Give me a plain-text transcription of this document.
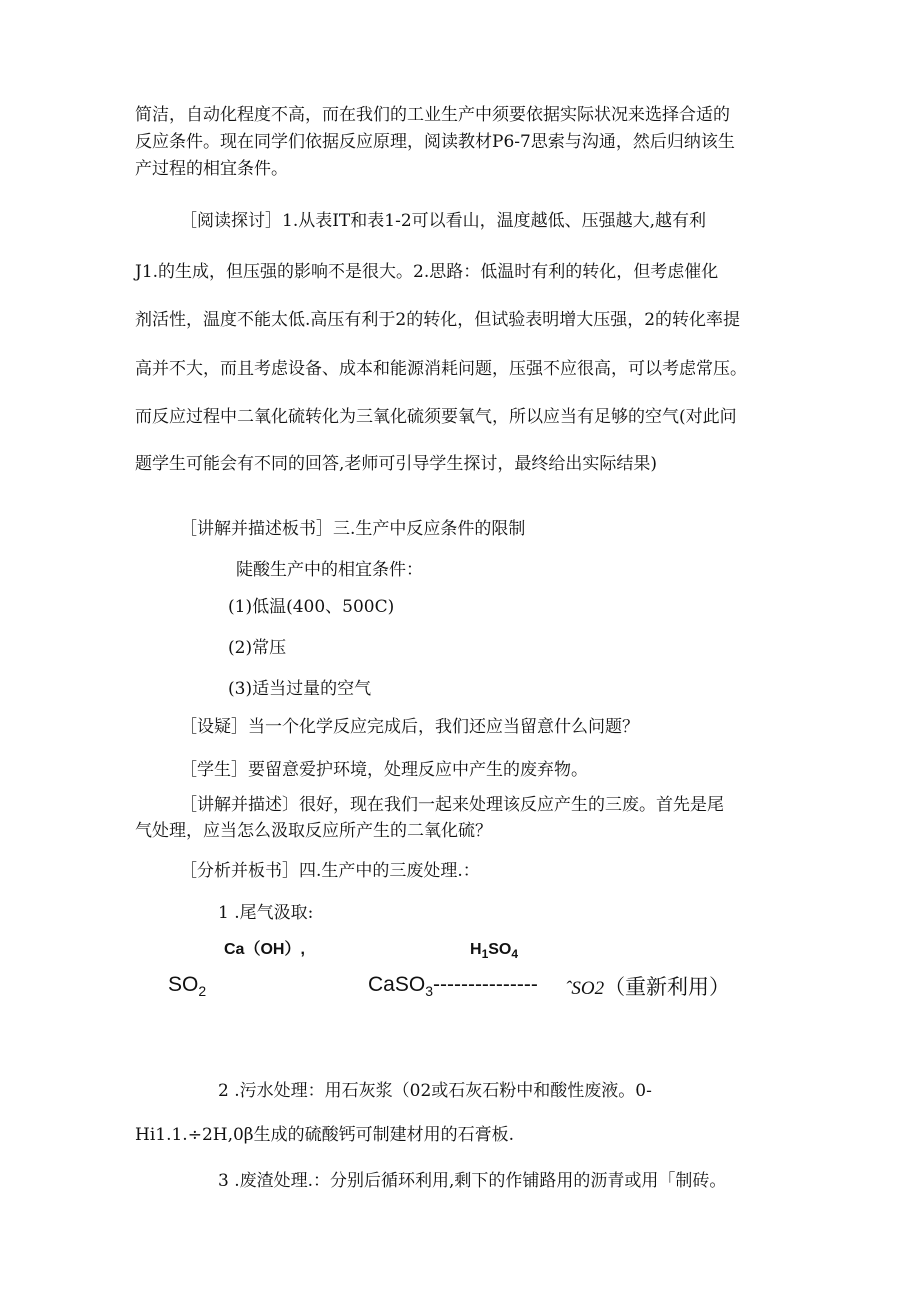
简洁，自动化程度不高，而在我们的工业生产中须要依据实际状况来选择合适的
反应条件。现在同学们依据反应原理，阅读教材P6-7思索与沟通，然后归纳该生
产过程的相宜条件。
［阅读探讨］1.从表IT和表1-2可以看山，温度越低、压强越大,越有利
J1.的生成，但压强的影响不是很大。2.思路：低温时有利的转化，但考虑催化
剂活性，温度不能太低.高压有利于2的转化，但试验表明增大压强，2的转化率提
高并不大，而且考虑设备、成本和能源消耗问题，压强不应很高，可以考虑常压。
而反应过程中二氧化硫转化为三氧化硫须要氧气，所以应当有足够的空气(对此问
题学生可能会有不同的回答,老师可引导学生探讨，最终给出实际结果)
［讲解并描述板书］三.生产中反应条件的限制
陡酸生产中的相宜条件：
(1)低温(400、500C)
(2)常压
(3)适当过量的空气
［设疑］当一个化学反应完成后，我们还应当留意什么问题？
［学生］要留意爱护环境，处理反应中产生的废弃物。
［讲解并描述〕很好，现在我们一起来处理该反应产生的三废。首先是尾
气处理，应当怎么汲取反应所产生的二氧化硫？
［分析并板书］四.生产中的三废处理.：
1 .尾气汲取:
Ca（OH）,	$H_1SO_4$
$SO_2$	CaSO$_3$--------------- ˆSO2（重新利用）
2 .污水处理：用石灰浆（02或石灰石粉中和酸性废液。0-
Hi1.1.÷2H,0β生成的硫酸钙可制建材用的石膏板.
3 .废渣处理.：分别后循环利用,剩下的作铺路用的沥青或用「制砖。
